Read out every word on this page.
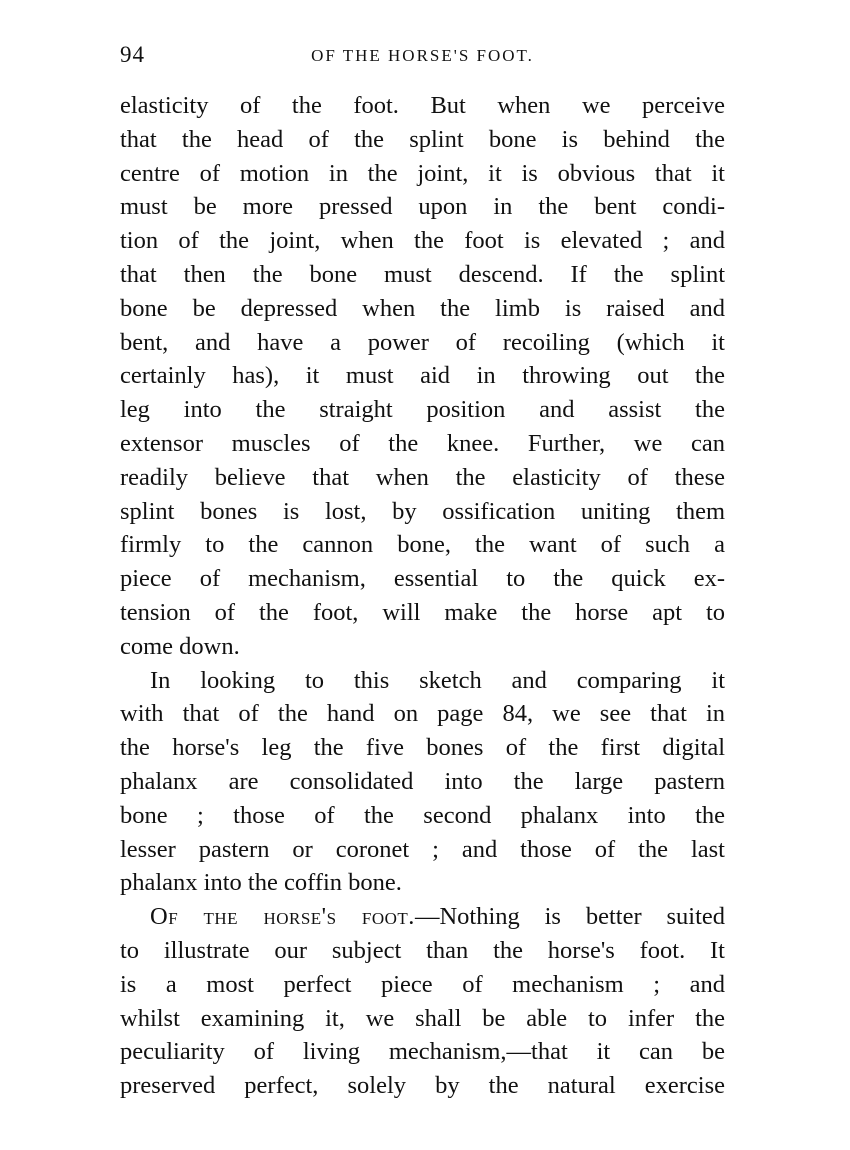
94	OF THE HORSE'S FOOT.
elasticity of the foot. But when we perceive
that the head of the splint bone is behind the
centre of motion in the joint, it is obvious that it
must be more pressed upon in the bent condi-
tion of the joint, when the foot is elevated ; and
that then the bone must descend. If the splint
bone be depressed when the limb is raised and
bent, and have a power of recoiling (which it
certainly has), it must aid in throwing out the
leg into the straight position and assist the
extensor muscles of the knee. Further, we can
readily believe that when the elasticity of these
splint bones is lost, by ossification uniting them
firmly to the cannon bone, the want of such a
piece of mechanism, essential to the quick ex-
tension of the foot, will make the horse apt to
come down.
In looking to this sketch and comparing it
with that of the hand on page 84, we see that in
the horse's leg the five bones of the first digital
phalanx are consolidated into the large pastern
bone ; those of the second phalanx into the
lesser pastern or coronet ; and those of the last
phalanx into the coffin bone.
Of the horse's foot.—Nothing is better suited
to illustrate our subject than the horse's foot. It
is a most perfect piece of mechanism ; and
whilst examining it, we shall be able to infer the
peculiarity of living mechanism,—that it can be
preserved perfect, solely by the natural exercise
